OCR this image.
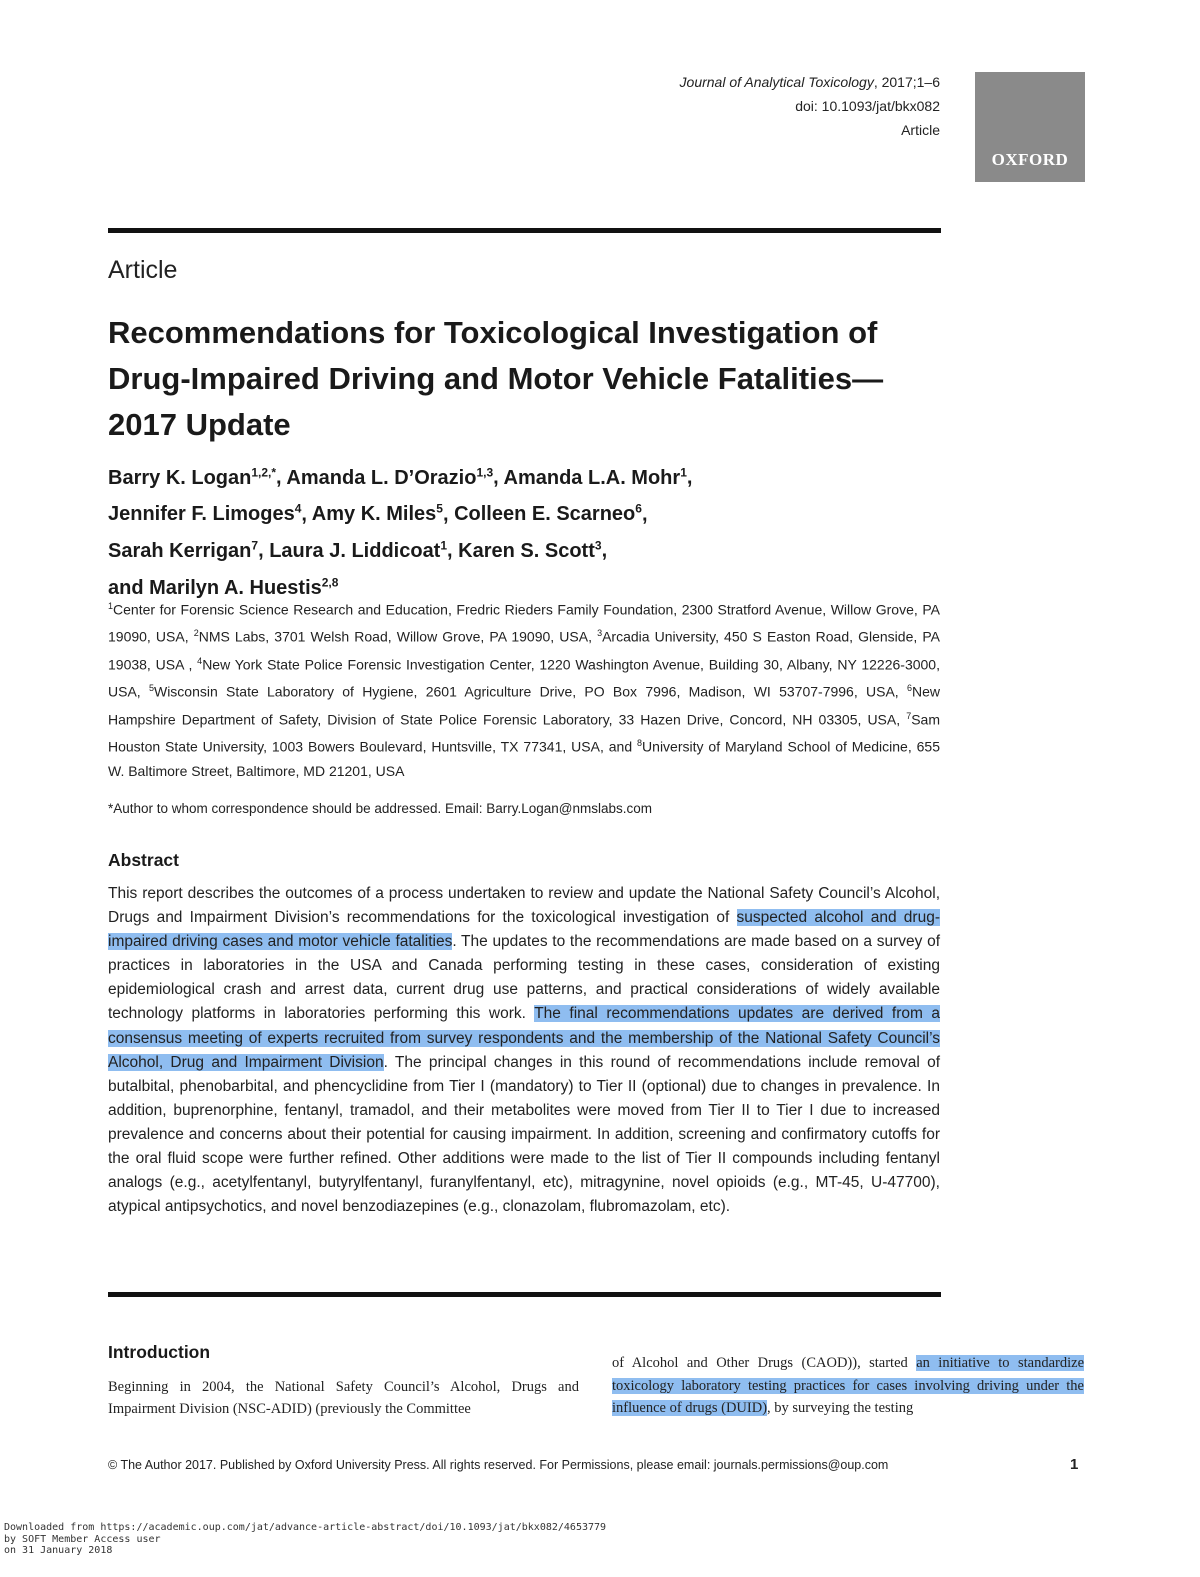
Journal of Analytical Toxicology, 2017;1–6
doi: 10.1093/jat/bkx082
Article
OXFORD
Article
Recommendations for Toxicological Investigation of Drug-Impaired Driving and Motor Vehicle Fatalities—2017 Update
Barry K. Logan$^{1,2,*}$, Amanda L. D’Orazio$^{1,3}$, Amanda L.A. Mohr$^1$,
Jennifer F. Limoges$^4$, Amy K. Miles$^5$, Colleen E. Scarneo$^6$,
Sarah Kerrigan$^7$, Laura J. Liddicoat$^1$, Karen S. Scott$^3$,
and Marilyn A. Huestis$^{2,8}$
$^1$Center for Forensic Science Research and Education, Fredric Rieders Family Foundation, 2300 Stratford Avenue, Willow Grove, PA 19090, USA, $^2$NMS Labs, 3701 Welsh Road, Willow Grove, PA 19090, USA, $^3$Arcadia University, 450 S Easton Road, Glenside, PA 19038, USA , $^4$New York State Police Forensic Investigation Center, 1220 Washington Avenue, Building 30, Albany, NY 12226-3000, USA, $^5$Wisconsin State Laboratory of Hygiene, 2601 Agriculture Drive, PO Box 7996, Madison, WI 53707-7996, USA, $^6$New Hampshire Department of Safety, Division of State Police Forensic Laboratory, 33 Hazen Drive, Concord, NH 03305, USA, $^7$Sam Houston State University, 1003 Bowers Boulevard, Huntsville, TX 77341, USA, and $^8$University of Maryland School of Medicine, 655 W. Baltimore Street, Baltimore, MD 21201, USA
*Author to whom correspondence should be addressed. Email: Barry.Logan@nmslabs.com
Abstract
This report describes the outcomes of a process undertaken to review and update the National Safety Council’s Alcohol, Drugs and Impairment Division’s recommendations for the toxicological investigation of suspected alcohol and drug-impaired driving cases and motor vehicle fatalities. The updates to the recommendations are made based on a survey of practices in laboratories in the USA and Canada performing testing in these cases, consideration of existing epidemiological crash and arrest data, current drug use patterns, and practical considerations of widely available technology platforms in laboratories performing this work. The final recommendations updates are derived from a consensus meeting of experts recruited from survey respondents and the membership of the National Safety Council’s Alcohol, Drug and Impairment Division. The principal changes in this round of recommendations include removal of butalbital, phenobarbital, and phencyclidine from Tier I (mandatory) to Tier II (optional) due to changes in prevalence. In addition, buprenorphine, fentanyl, tramadol, and their metabolites were moved from Tier II to Tier I due to increased prevalence and concerns about their potential for causing impairment. In addition, screening and confirmatory cutoffs for the oral fluid scope were further refined. Other additions were made to the list of Tier II compounds including fentanyl analogs (e.g., acetylfentanyl, butyrylfentanyl, furanylfentanyl, etc), mitragynine, novel opioids (e.g., MT-45, U-47700), atypical antipsychotics, and novel benzodiazepines (e.g., clonazolam, flubromazolam, etc).
Introduction
Beginning in 2004, the National Safety Council’s Alcohol, Drugs and Impairment Division (NSC-ADID) (previously the Committee
of Alcohol and Other Drugs (CAOD)), started an initiative to standardize toxicology laboratory testing practices for cases involving driving under the influence of drugs (DUID), by surveying the testing
© The Author 2017. Published by Oxford University Press. All rights reserved. For Permissions, please email: journals.permissions@oup.com	1
Downloaded from https://academic.oup.com/jat/advance-article-abstract/doi/10.1093/jat/bkx082/4653779
by SOFT Member Access user
on 31 January 2018
